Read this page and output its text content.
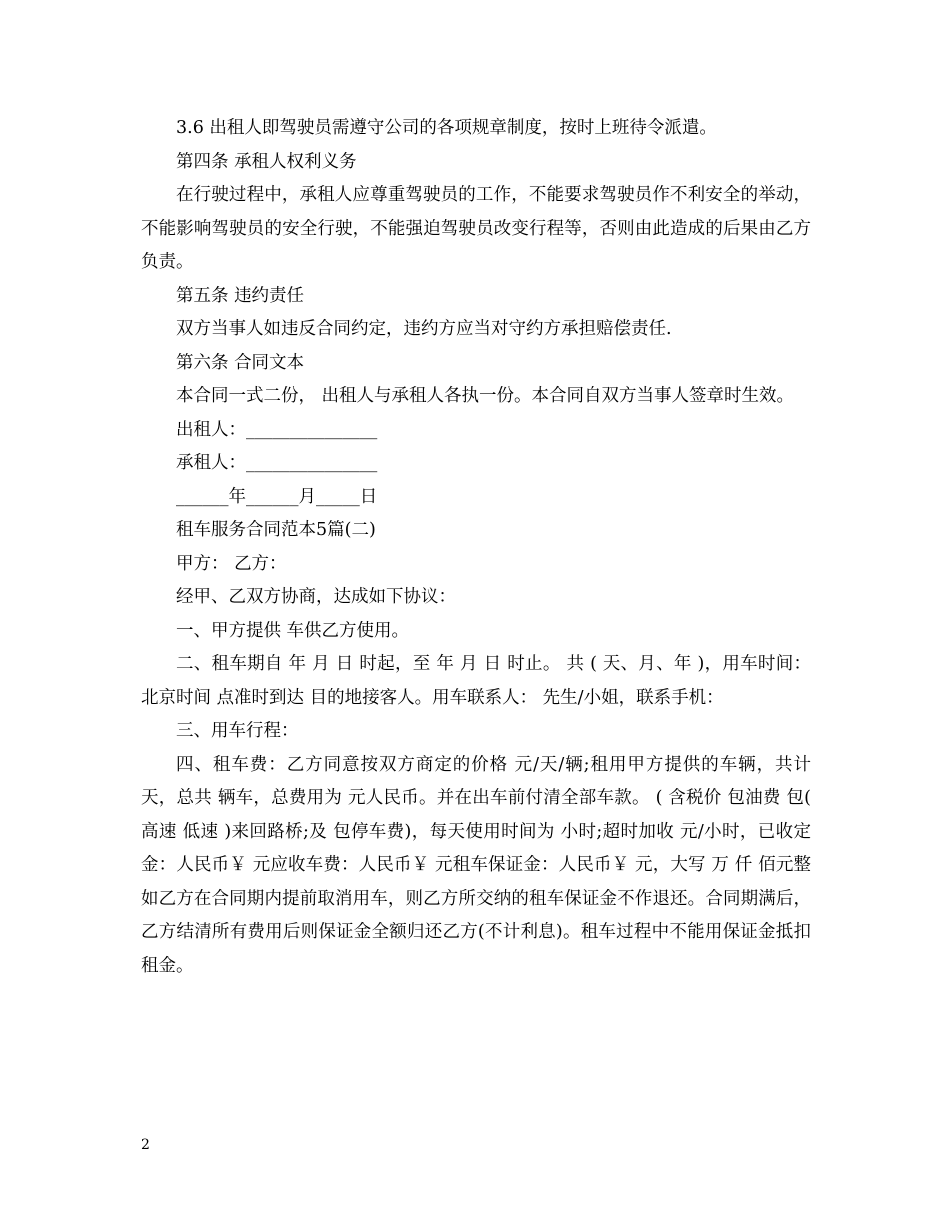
3.6 出租人即驾驶员需遵守公司的各项规章制度，按时上班待令派遣。

第四条 承租人权利义务

在行驶过程中，承租人应尊重驾驶员的工作，不能要求驾驶员作不利安全的举动，不能影响驾驶员的安全行驶，不能强迫驾驶员改变行程等，否则由此造成的后果由乙方负责。

第五条 违约责任

双方当事人如违反合同约定，违约方应当对守约方承担赔偿责任.

第六条 合同文本

本合同一式二份， 出租人与承租人各执一份。本合同自双方当事人签章时生效。

出租人：_______________

承租人：_______________

______年______月_____日

租车服务合同范本5篇(二)

甲方： 乙方：

经甲、乙双方协商，达成如下协议：

一、甲方提供 车供乙方使用。

二、租车期自 年 月 日 时起，至 年 月 日 时止。 共 ( 天、月、年 )，用车时间：北京时间 点准时到达 目的地接客人。用车联系人： 先生/小姐，联系手机：

三、用车行程：

四、租车费：乙方同意按双方商定的价格 元/天/辆;租用甲方提供的车辆，共计 天，总共 辆车，总费用为 元人民币。并在出车前付清全部车款。 ( 含税价 包油费 包( 高速 低速 )来回路桥;及 包停车费)，每天使用时间为 小时;超时加收 元/小时，已收定金：人民币￥ 元应收车费：人民币￥ 元租车保证金：人民币￥ 元，大写 万 仟 佰元整如乙方在合同期内提前取消用车，则乙方所交纳的租车保证金不作退还。合同期满后，乙方结清所有费用后则保证金全额归还乙方(不计利息)。租车过程中不能用保证金抵扣租金。

2
